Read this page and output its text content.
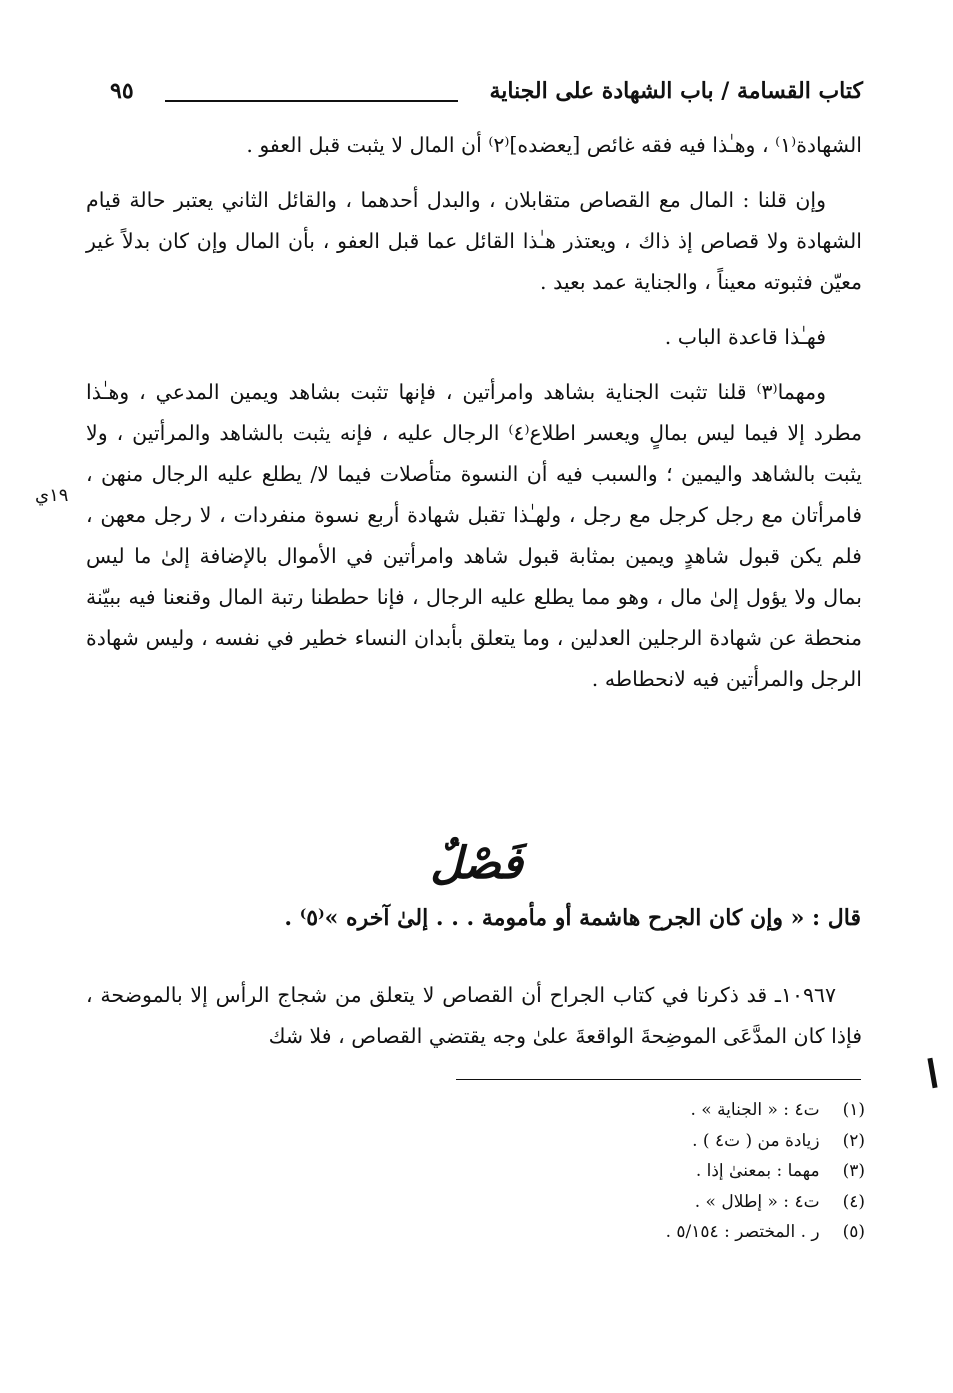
كتاب القسامة / باب الشهادة على الجناية
٩٥

الشهادة⁽١⁾ ، وهـٰذا فيه فقه غائص [يعضده]⁽٢⁾ أن المال لا يثبت قبل العفو .

وإن قلنا : المال مع القصاص متقابلان ، والبدل أحدهما ، والقائل الثاني يعتبر حالة قيام الشهادة ولا قصاص إذ ذاك ، ويعتذر هـٰذا القائل عما قبل العفو ، بأن المال وإن كان بدلاً غير معيّن فثبوته معيناً ، والجناية عمد بعيد .

فهـٰذا قاعدة الباب .

ومهما⁽٣⁾ قلنا تثبت الجناية بشاهد وامرأتين ، فإنها تثبت بشاهد ويمين المدعي ، وهـٰذا مطرد إلا فيما ليس بمالٍ ويعسر اطلاع⁽٤⁾ الرجال عليه ، فإنه يثبت بالشاهد والمرأتين ، ولا يثبت بالشاهد واليمين ؛ والسبب فيه أن النسوة متأصلات فيما لا/ يطلع عليه الرجال منهن ، فامرأتان مع رجل كرجل مع رجل ، ولهـٰذا تقبل شهادة أربع نسوة منفردات ، لا رجل معهن ، فلم يكن قبول شاهدٍ ويمين بمثابة قبول شاهد وامرأتين في الأموال بالإضافة إلىٰ ما ليس بمال ولا يؤول إلىٰ مال ، وهو مما يطلع عليه الرجال ، فإنا حططنا رتبة المال وقنعنا فيه ببيّنة منحطة عن شهادة الرجلين العدلين ، وما يتعلق بأبدان النساء خطير في نفسه ، وليس شهادة الرجل والمرأتين فيه لانحطاطه .

١٩ي
فَصْلٌ
قال : « وإن كان الجرح هاشمة أو مأمومة . . . إلىٰ آخره »⁽٥⁾ .

١٠٩٦٧ـ قد ذكرنا في كتاب الجراح أن القصاص لا يتعلق من شجاج الرأس إلا بالموضحة ، فإذا كان المدَّعَى الموضِحةَ الواقعةَ علىٰ وجه يقتضي القصاص ، فلا شك

(١) ت٤ : « الجناية » .
(٢) زيادة من ( ت٤ ) .
(٣) مهما : بمعنىٰ إذا .
(٤) ت٤ : « إطلال » .
(٥) ر . المختصر : ٥/١٥٤ .
